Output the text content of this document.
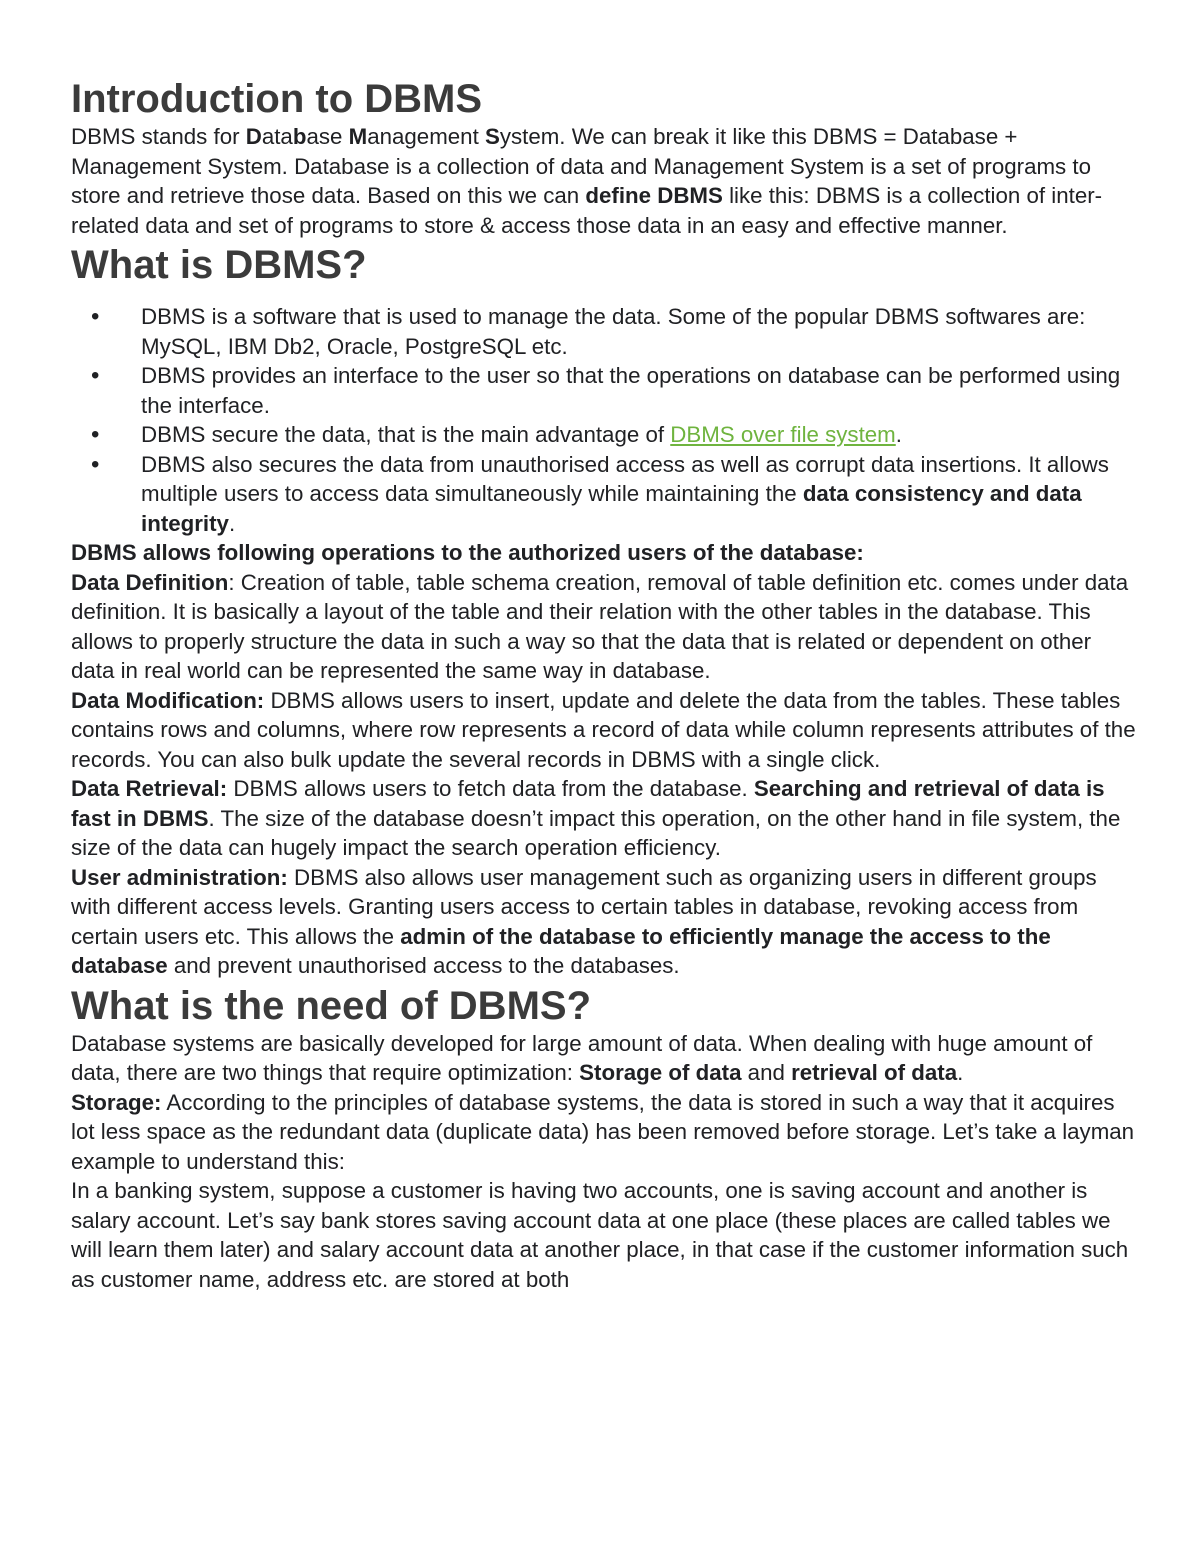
Introduction to DBMS

DBMS stands for Database Management System. We can break it like this DBMS = Database + Management System. Database is a collection of data and Management System is a set of programs to store and retrieve those data. Based on this we can define DBMS like this: DBMS is a collection of inter-related data and set of programs to store & access those data in an easy and effective manner.

What is DBMS?
• DBMS is a software that is used to manage the data. Some of the popular DBMS softwares are: MySQL, IBM Db2, Oracle, PostgreSQL etc.
• DBMS provides an interface to the user so that the operations on database can be performed using the interface.
• DBMS secure the data, that is the main advantage of DBMS over file system.
• DBMS also secures the data from unauthorised access as well as corrupt data insertions. It allows multiple users to access data simultaneously while maintaining the data consistency and data integrity.

DBMS allows following operations to the authorized users of the database:

Data Definition: Creation of table, table schema creation, removal of table definition etc. comes under data definition. It is basically a layout of the table and their relation with the other tables in the database. This allows to properly structure the data in such a way so that the data that is related or dependent on other data in real world can be represented the same way in database.

Data Modification: DBMS allows users to insert, update and delete the data from the tables. These tables contains rows and columns, where row represents a record of data while column represents attributes of the records. You can also bulk update the several records in DBMS with a single click.

Data Retrieval: DBMS allows users to fetch data from the database. Searching and retrieval of data is fast in DBMS. The size of the database doesn’t impact this operation, on the other hand in file system, the size of the data can hugely impact the search operation efficiency.

User administration: DBMS also allows user management such as organizing users in different groups with different access levels. Granting users access to certain tables in database, revoking access from certain users etc. This allows the admin of the database to efficiently manage the access to the database and prevent unauthorised access to the databases.

What is the need of DBMS?

Database systems are basically developed for large amount of data. When dealing with huge amount of data, there are two things that require optimization: Storage of data and retrieval of data.

Storage: According to the principles of database systems, the data is stored in such a way that it acquires lot less space as the redundant data (duplicate data) has been removed before storage. Let’s take a layman example to understand this:

In a banking system, suppose a customer is having two accounts, one is saving account and another is salary account. Let’s say bank stores saving account data at one place (these places are called tables we will learn them later) and salary account data at another place, in that case if the customer information such as customer name, address etc. are stored at both
